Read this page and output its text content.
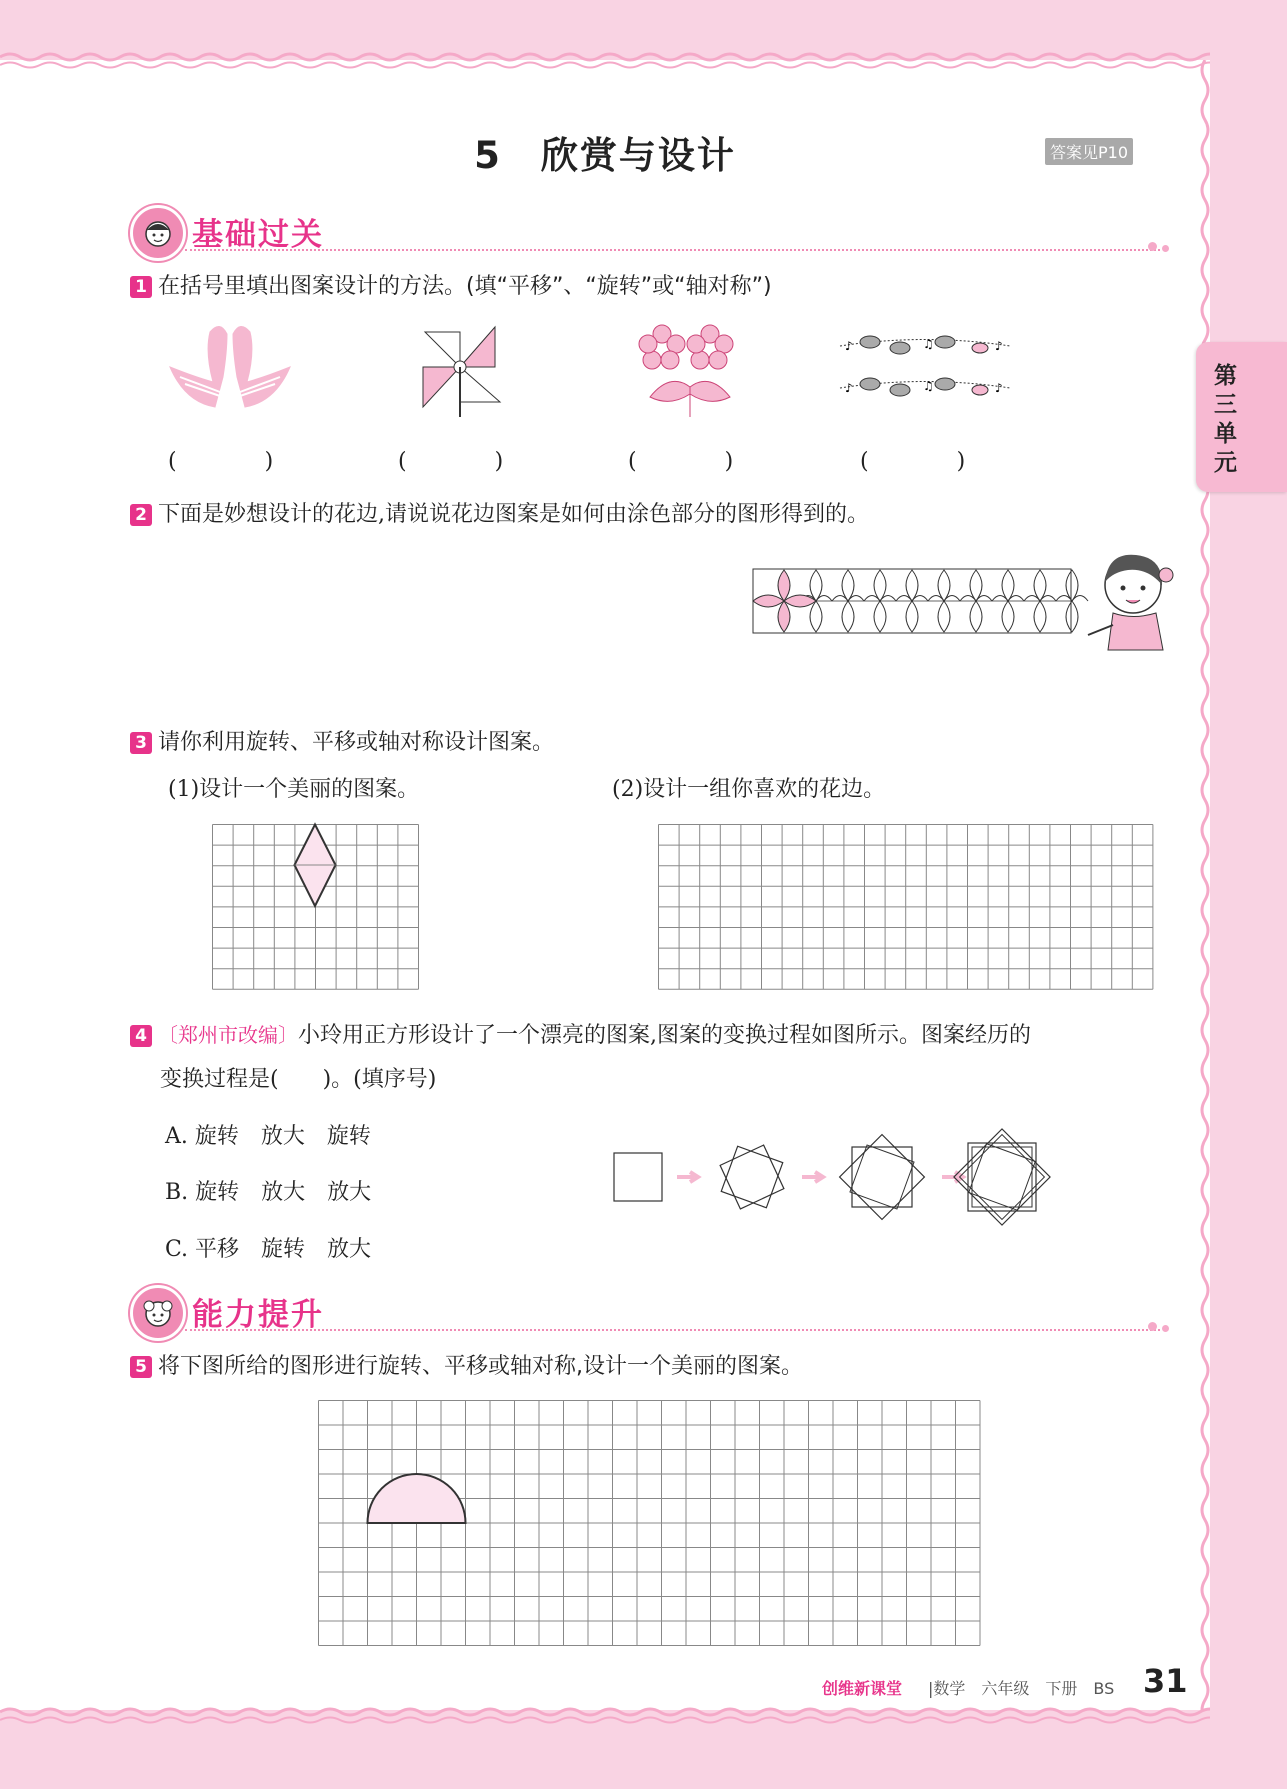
5　欣赏与设计	答案见P10
第三单元
基础过关
1 在括号里填出图案设计的方法。(填“平移”、“旋转”或“轴对称”)
♪	♫	♪
♪	♫	♪
(　　　　)	(　　　　)	(　　　　)	(　　　　)
2 下面是妙想设计的花边,请说说花边图案是如何由涂色部分的图形得到的。
3 请你利用旋转、平移或轴对称设计图案。
(1)设计一个美丽的图案。	(2)设计一组你喜欢的花边。
4 〔郑州市改编〕小玲用正方形设计了一个漂亮的图案,图案的变换过程如图所示。图案经历的
变换过程是(　　)。(填序号)
A. 旋转　放大　旋转
B. 旋转　放大　放大
C. 平移　旋转　放大
能力提升
5 将下图所给的图形进行旋转、平移或轴对称,设计一个美丽的图案。
创维新课堂 |数学　六年级　下册　BS 31
